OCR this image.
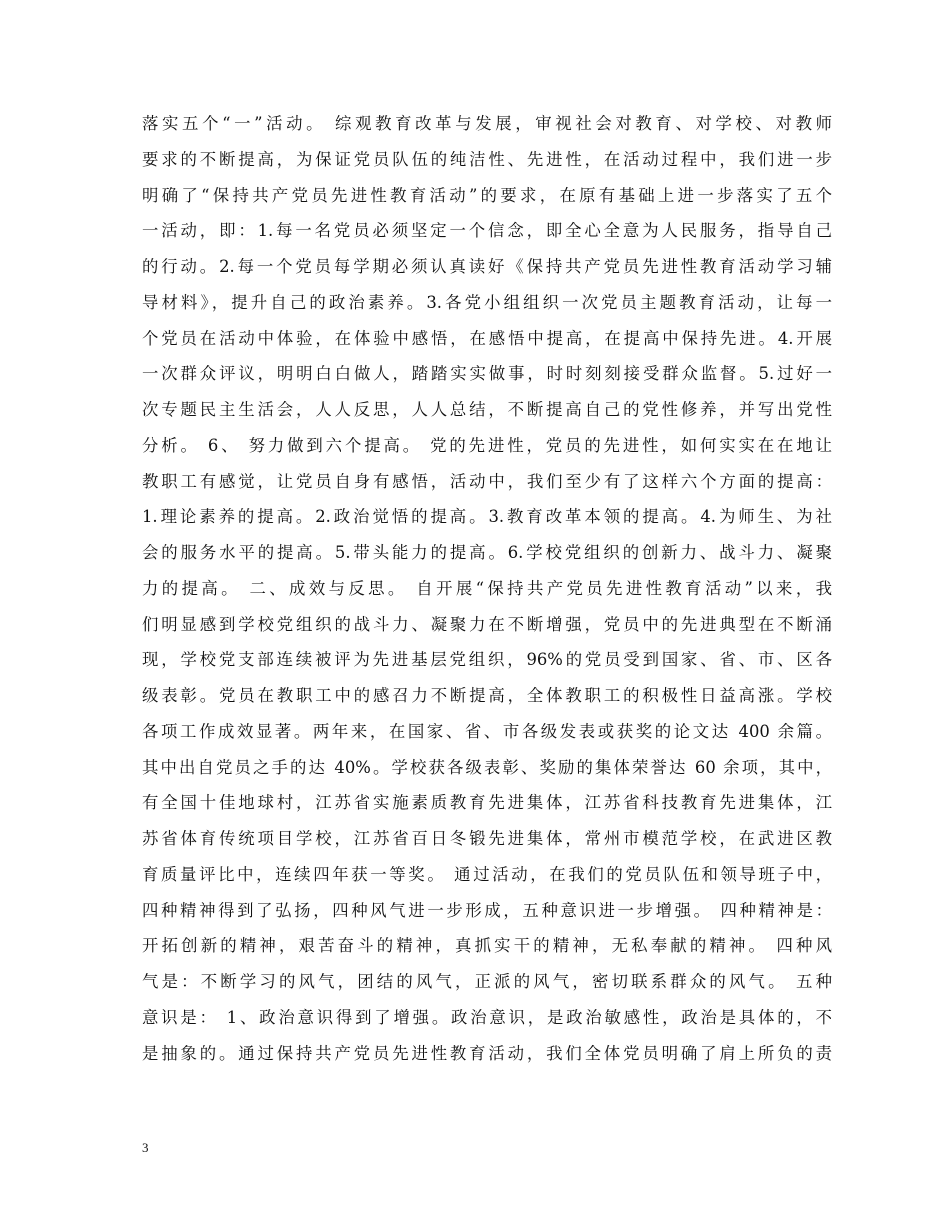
落实五个“一”活动。 综观教育改革与发展，审视社会对教育、对学校、对教师
要求的不断提高，为保证党员队伍的纯洁性、先进性，在活动过程中，我们进一步
明确了“保持共产党员先进性教育活动”的要求，在原有基础上进一步落实了五个
一活动，即：1.每一名党员必须坚定一个信念，即全心全意为人民服务，指导自己
的行动。2.每一个党员每学期必须认真读好《保持共产党员先进性教育活动学习辅
导材料》，提升自己的政治素养。3.各党小组组织一次党员主题教育活动，让每一
个党员在活动中体验，在体验中感悟，在感悟中提高，在提高中保持先进。4.开展
一次群众评议，明明白白做人，踏踏实实做事，时时刻刻接受群众监督。5.过好一
次专题民主生活会，人人反思，人人总结，不断提高自己的党性修养，并写出党性
分析。 6、 努力做到六个提高。 党的先进性，党员的先进性，如何实实在在地让
教职工有感觉，让党员自身有感悟，活动中，我们至少有了这样六个方面的提高：
1.理论素养的提高。2.政治觉悟的提高。3.教育改革本领的提高。4.为师生、为社
会的服务水平的提高。5.带头能力的提高。6.学校党组织的创新力、战斗力、凝聚
力的提高。 二、成效与反思。 自开展“保持共产党员先进性教育活动”以来，我
们明显感到学校党组织的战斗力、凝聚力在不断增强，党员中的先进典型在不断涌
现，学校党支部连续被评为先进基层党组织，96%的党员受到国家、省、市、区各
级表彰。党员在教职工中的感召力不断提高，全体教职工的积极性日益高涨。学校
各项工作成效显著。两年来，在国家、省、市各级发表或获奖的论文达 400 余篇。
其中出自党员之手的达 40%。学校获各级表彰、奖励的集体荣誉达 60 余项，其中，
有全国十佳地球村，江苏省实施素质教育先进集体，江苏省科技教育先进集体，江
苏省体育传统项目学校，江苏省百日冬锻先进集体，常州市模范学校，在武进区教
育质量评比中，连续四年获一等奖。 通过活动，在我们的党员队伍和领导班子中，
四种精神得到了弘扬，四种风气进一步形成，五种意识进一步增强。 四种精神是：
开拓创新的精神，艰苦奋斗的精神，真抓实干的精神，无私奉献的精神。 四种风
气是：不断学习的风气，团结的风气，正派的风气，密切联系群众的风气。 五种
意识是： 1、政治意识得到了增强。政治意识，是政治敏感性，政治是具体的，不
是抽象的。通过保持共产党员先进性教育活动，我们全体党员明确了肩上所负的责
3
